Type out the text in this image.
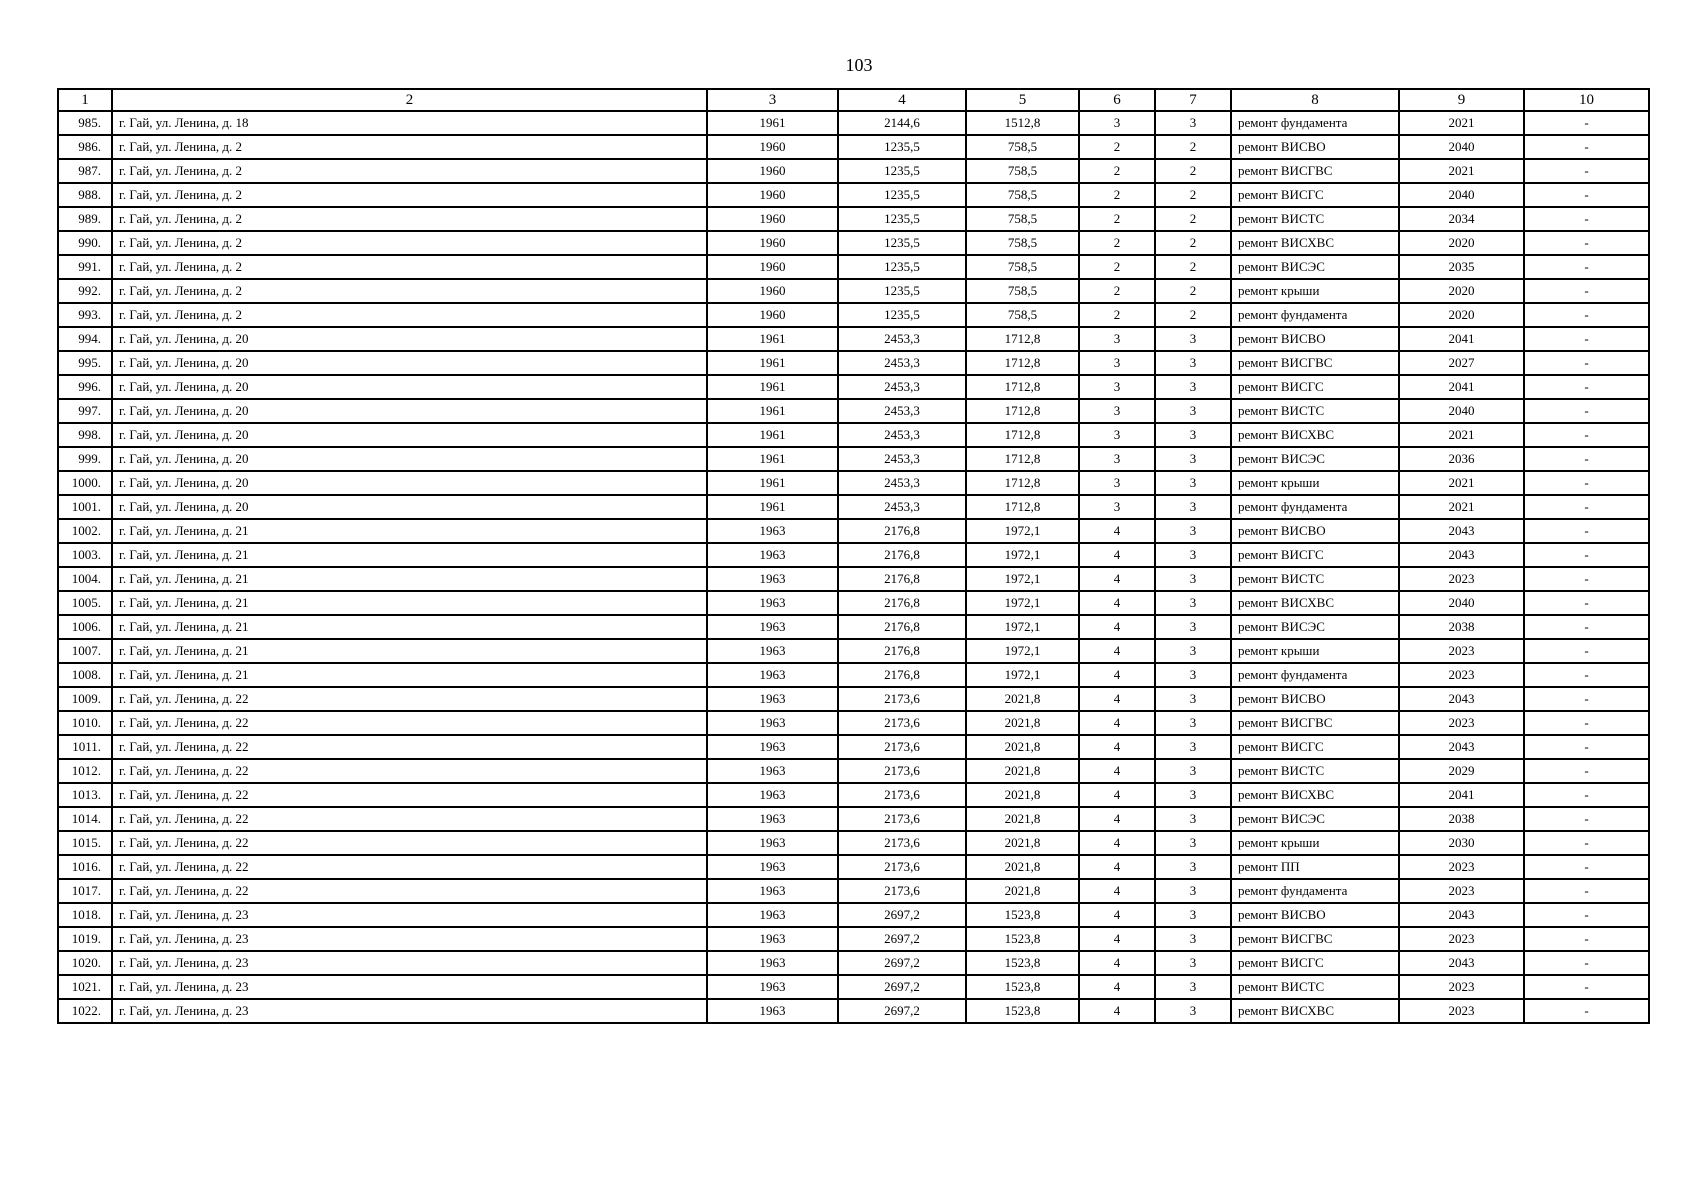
103
1	2	3	4	5	6	7	8	9	10
985.	г. Гай, ул. Ленина, д. 18	1961	2144,6	1512,8	3	3	ремонт фундамента	2021	-
986.	г. Гай, ул. Ленина, д. 2	1960	1235,5	758,5	2	2	ремонт ВИСВО	2040	-
987.	г. Гай, ул. Ленина, д. 2	1960	1235,5	758,5	2	2	ремонт ВИСГВС	2021	-
988.	г. Гай, ул. Ленина, д. 2	1960	1235,5	758,5	2	2	ремонт ВИСГС	2040	-
989.	г. Гай, ул. Ленина, д. 2	1960	1235,5	758,5	2	2	ремонт ВИСТС	2034	-
990.	г. Гай, ул. Ленина, д. 2	1960	1235,5	758,5	2	2	ремонт ВИСХВС	2020	-
991.	г. Гай, ул. Ленина, д. 2	1960	1235,5	758,5	2	2	ремонт ВИСЭС	2035	-
992.	г. Гай, ул. Ленина, д. 2	1960	1235,5	758,5	2	2	ремонт крыши	2020	-
993.	г. Гай, ул. Ленина, д. 2	1960	1235,5	758,5	2	2	ремонт фундамента	2020	-
994.	г. Гай, ул. Ленина, д. 20	1961	2453,3	1712,8	3	3	ремонт ВИСВО	2041	-
995.	г. Гай, ул. Ленина, д. 20	1961	2453,3	1712,8	3	3	ремонт ВИСГВС	2027	-
996.	г. Гай, ул. Ленина, д. 20	1961	2453,3	1712,8	3	3	ремонт ВИСГС	2041	-
997.	г. Гай, ул. Ленина, д. 20	1961	2453,3	1712,8	3	3	ремонт ВИСТС	2040	-
998.	г. Гай, ул. Ленина, д. 20	1961	2453,3	1712,8	3	3	ремонт ВИСХВС	2021	-
999.	г. Гай, ул. Ленина, д. 20	1961	2453,3	1712,8	3	3	ремонт ВИСЭС	2036	-
1000.	г. Гай, ул. Ленина, д. 20	1961	2453,3	1712,8	3	3	ремонт крыши	2021	-
1001.	г. Гай, ул. Ленина, д. 20	1961	2453,3	1712,8	3	3	ремонт фундамента	2021	-
1002.	г. Гай, ул. Ленина, д. 21	1963	2176,8	1972,1	4	3	ремонт ВИСВО	2043	-
1003.	г. Гай, ул. Ленина, д. 21	1963	2176,8	1972,1	4	3	ремонт ВИСГС	2043	-
1004.	г. Гай, ул. Ленина, д. 21	1963	2176,8	1972,1	4	3	ремонт ВИСТС	2023	-
1005.	г. Гай, ул. Ленина, д. 21	1963	2176,8	1972,1	4	3	ремонт ВИСХВС	2040	-
1006.	г. Гай, ул. Ленина, д. 21	1963	2176,8	1972,1	4	3	ремонт ВИСЭС	2038	-
1007.	г. Гай, ул. Ленина, д. 21	1963	2176,8	1972,1	4	3	ремонт крыши	2023	-
1008.	г. Гай, ул. Ленина, д. 21	1963	2176,8	1972,1	4	3	ремонт фундамента	2023	-
1009.	г. Гай, ул. Ленина, д. 22	1963	2173,6	2021,8	4	3	ремонт ВИСВО	2043	-
1010.	г. Гай, ул. Ленина, д. 22	1963	2173,6	2021,8	4	3	ремонт ВИСГВС	2023	-
1011.	г. Гай, ул. Ленина, д. 22	1963	2173,6	2021,8	4	3	ремонт ВИСГС	2043	-
1012.	г. Гай, ул. Ленина, д. 22	1963	2173,6	2021,8	4	3	ремонт ВИСТС	2029	-
1013.	г. Гай, ул. Ленина, д. 22	1963	2173,6	2021,8	4	3	ремонт ВИСХВС	2041	-
1014.	г. Гай, ул. Ленина, д. 22	1963	2173,6	2021,8	4	3	ремонт ВИСЭС	2038	-
1015.	г. Гай, ул. Ленина, д. 22	1963	2173,6	2021,8	4	3	ремонт крыши	2030	-
1016.	г. Гай, ул. Ленина, д. 22	1963	2173,6	2021,8	4	3	ремонт ПП	2023	-
1017.	г. Гай, ул. Ленина, д. 22	1963	2173,6	2021,8	4	3	ремонт фундамента	2023	-
1018.	г. Гай, ул. Ленина, д. 23	1963	2697,2	1523,8	4	3	ремонт ВИСВО	2043	-
1019.	г. Гай, ул. Ленина, д. 23	1963	2697,2	1523,8	4	3	ремонт ВИСГВС	2023	-
1020.	г. Гай, ул. Ленина, д. 23	1963	2697,2	1523,8	4	3	ремонт ВИСГС	2043	-
1021.	г. Гай, ул. Ленина, д. 23	1963	2697,2	1523,8	4	3	ремонт ВИСТС	2023	-
1022.	г. Гай, ул. Ленина, д. 23	1963	2697,2	1523,8	4	3	ремонт ВИСХВС	2023	-
